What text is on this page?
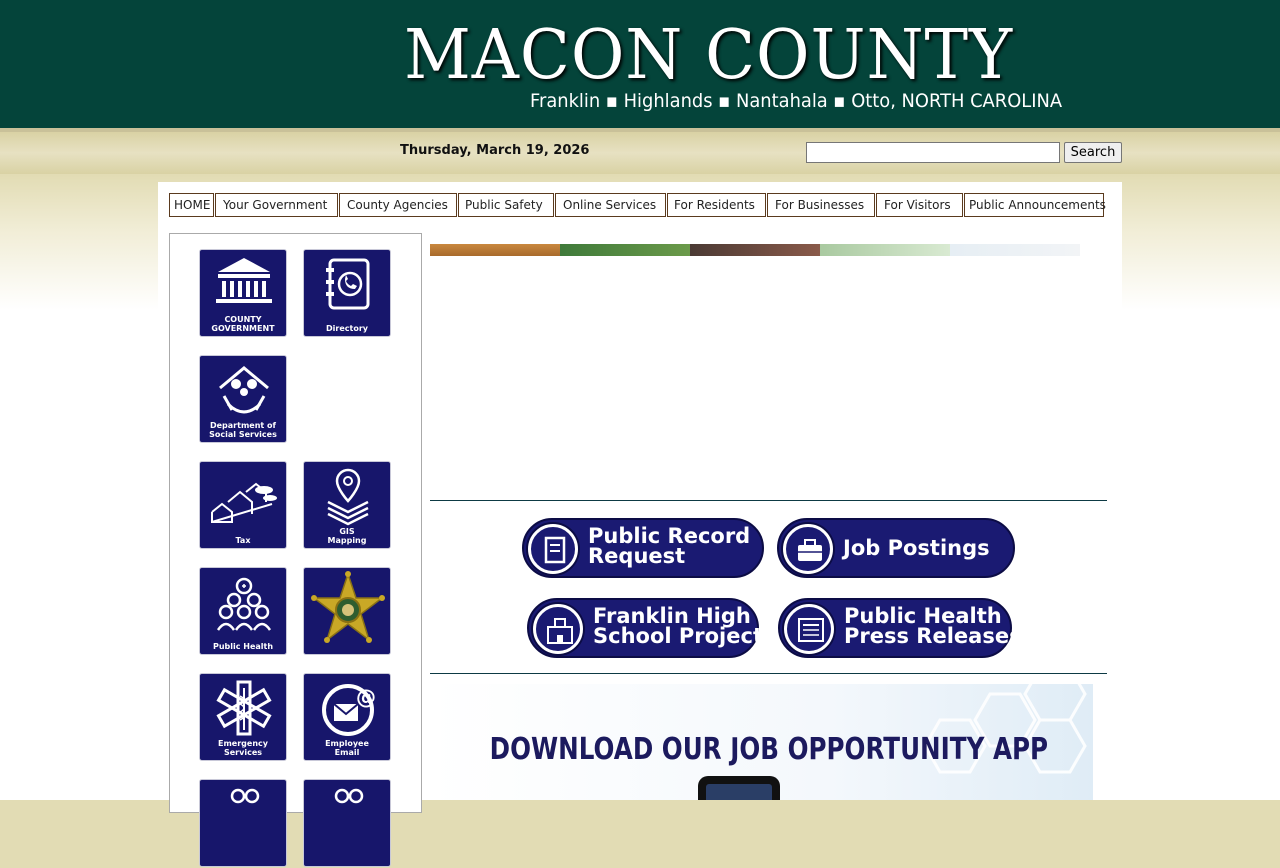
MACON COUNTY
Franklin ▪ Highlands ▪ Nantahala ▪ Otto, NORTH CAROLINA
Thursday, March 19, 2026	Search
HOME	Your Government	County Agencies	Public Safety	Online Services	For Residents	For Businesses	For Visitors	Public Announcements
COUNTY
GOVERNMENT	Directory
Department of
Social Services
Tax
GIS
Mapping
Public Health
Emergency
Services
@
Employee
Email
Public Record
Request	Job Postings
Franklin High
School Project
Public Health
Press Releases
DOWNLOAD OUR JOB OPPORTUNITY APP
